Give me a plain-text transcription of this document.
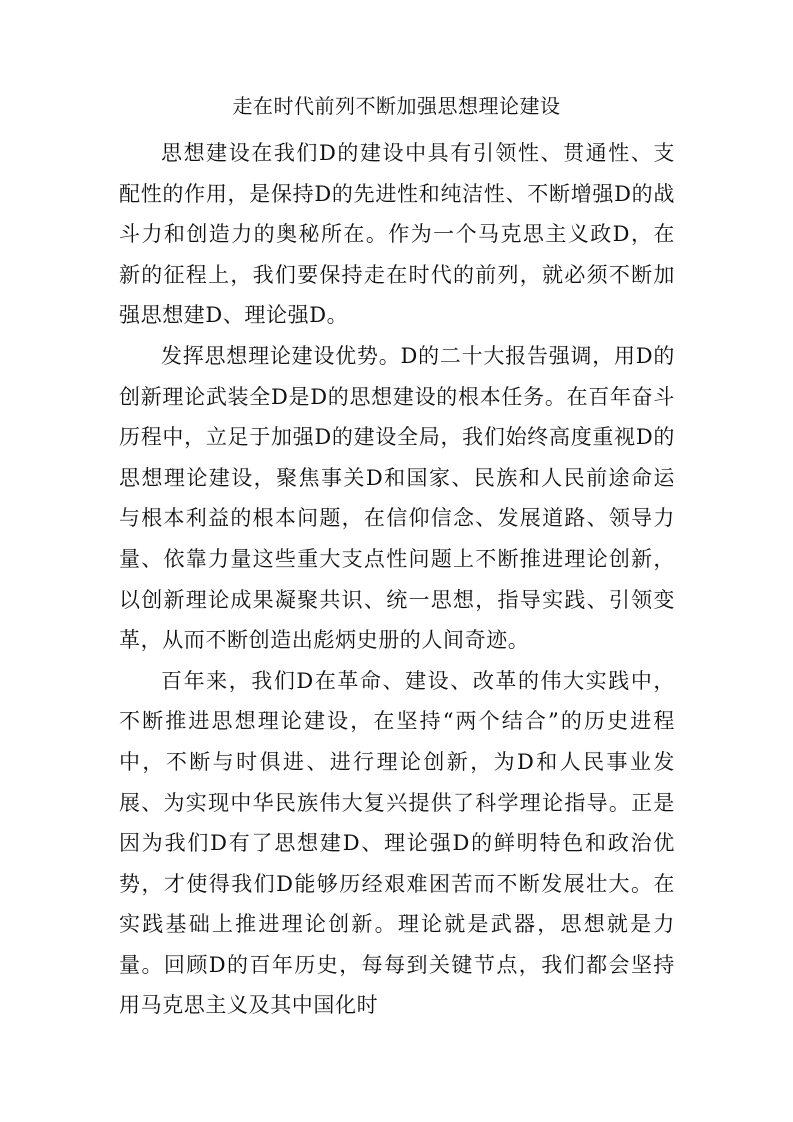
走在时代前列不断加强思想理论建设

思想建设在我们D的建设中具有引领性、贯通性、支配性的作用，是保持D的先进性和纯洁性、不断增强D的战斗力和创造力的奥秘所在。作为一个马克思主义政D，在新的征程上，我们要保持走在时代的前列，就必须不断加强思想建D、理论强D。

发挥思想理论建设优势。D的二十大报告强调，用D的创新理论武装全D是D的思想建设的根本任务。在百年奋斗历程中，立足于加强D的建设全局，我们始终高度重视D的思想理论建设，聚焦事关D和国家、民族和人民前途命运与根本利益的根本问题，在信仰信念、发展道路、领导力量、依靠力量这些重大支点性问题上不断推进理论创新，以创新理论成果凝聚共识、统一思想，指导实践、引领变革，从而不断创造出彪炳史册的人间奇迹。

百年来，我们D在革命、建设、改革的伟大实践中，不断推进思想理论建设，在坚持“两个结合”的历史进程中，不断与时俱进、进行理论创新，为D和人民事业发展、为实现中华民族伟大复兴提供了科学理论指导。正是因为我们D有了思想建D、理论强D的鲜明特色和政治优势，才使得我们D能够历经艰难困苦而不断发展壮大。在实践基础上推进理论创新。理论就是武器，思想就是力量。回顾D的百年历史，每每到关键节点，我们都会坚持用马克思主义及其中国化时
